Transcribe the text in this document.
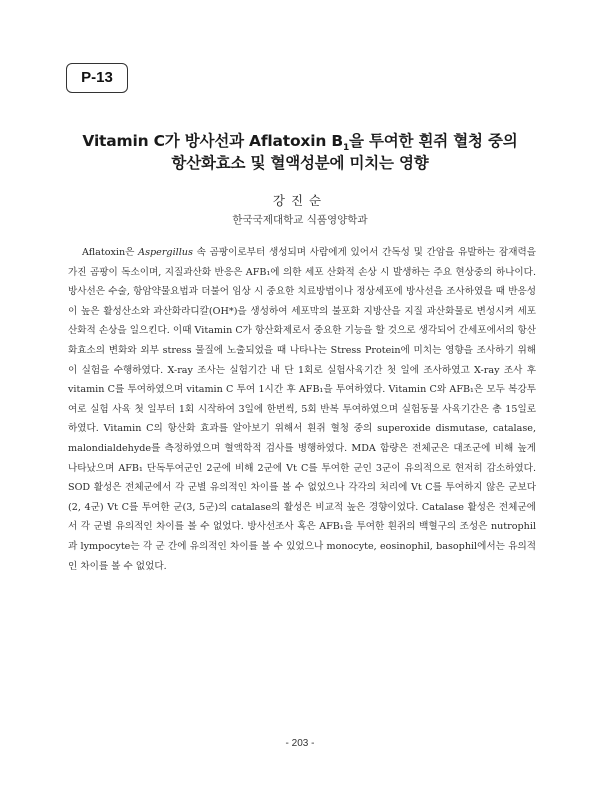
P-13
Vitamin C가 방사선과 Aflatoxin $B_1$을 투여한 흰쥐 혈청 중의
항산화효소 및 혈액성분에 미치는 영향
강진순
한국국제대학교 식품영양학과

Aflatoxin은 Aspergillus 속 곰팡이로부터 생성되며 사람에게 있어서 간독성 및 간암을 유발하는 잠재력을 가진 곰팡이 독소이며, 지질과산화 반응은 AFB₁에 의한 세포 산화적 손상 시 발생하는 주요 현상중의 하나이다. 방사선은 수술, 항암약물요법과 더불어 임상 시 중요한 치료방법이나 정상세포에 방사선을 조사하였을 때 반응성이 높은 활성산소와 과산화라디칼(OH*)을 생성하여 세포막의 불포화 지방산을 지질 과산화물로 변성시켜 세포 산화적 손상을 일으킨다. 이때 Vitamin C가 항산화제로서 중요한 기능을 할 것으로 생각되어 간세포에서의 항산화효소의 변화와 외부 stress 물질에 노출되었을 때 나타나는 Stress Protein에 미치는 영향을 조사하기 위해 이 실험을 수행하였다. X-ray 조사는 실험기간 내 단 1회로 실험사육기간 첫 일에 조사하였고 X-ray 조사 후 vitamin C를 투여하였으며 vitamin C 투여 1시간 후 AFB₁을 투여하였다. Vitamin C와 AFB₁은 모두 복강투여로 실험 사육 첫 일부터 1회 시작하여 3일에 한번씩, 5회 반복 투여하였으며 실험동물 사육기간은 총 15일로 하였다. Vitamin C의 항산화 효과를 알아보기 위해서 흰쥐 혈청 중의 superoxide dismutase, catalase, malondialdehyde를 측정하였으며 혈액학적 검사를 병행하였다. MDA 함량은 전체군은 대조군에 비해 높게 나타났으며 AFB₁ 단독투여군인 2군에 비해 2군에 Vt C를 투여한 군인 3군이 유의적으로 현저히 감소하였다. SOD 활성은 전체군에서 각 군별 유의적인 차이를 볼 수 없었으나 각각의 처리에 Vt C를 투여하지 않은 군보다(2, 4군) Vt C를 투여한 군(3, 5군)의 catalase의 활성은 비교적 높은 경향이었다. Catalase 활성은 전체군에서 각 군별 유의적인 차이를 볼 수 없었다. 방사선조사 혹은 AFB₁을 투여한 흰쥐의 백혈구의 조성은 nutrophil과 lympocyte는 각 군 간에 유의적인 차이를 볼 수 있었으나 monocyte, eosinophil, basophil에서는 유의적인 차이를 볼 수 없었다.

- 203 -
